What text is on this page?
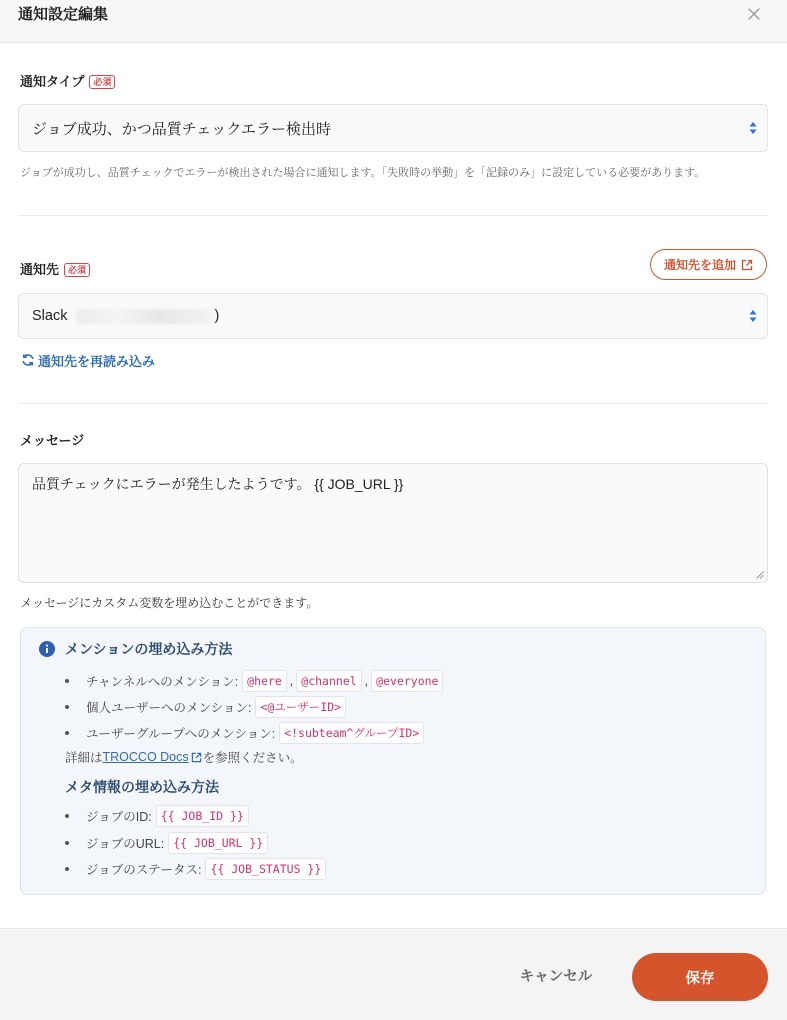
通知設定編集
通知タイプ	必須
ジョブ成功、かつ品質チェックエラー検出時
ジョブが成功し、品質チェックでエラーが検出された場合に通知します。「失敗時の挙動」を「記録のみ」に設定している必要があります。
通知先	必須	通知先を追加
Slack	)
通知先を再読み込み
メッセージ
品質チェックにエラーが発生したようです。 {{ JOB_URL }}
メッセージにカスタム変数を埋め込むことができます。
メンションの埋め込み方法
チャンネルへのメンション: @here , @channel , @everyone
個人ユーザーへのメンション: <@ユーザーID>
ユーザーグループへのメンション: <!subteam^グループID>
詳細は TROCCO Docs を参照ください。
メタ情報の埋め込み方法
ジョブのID: {{ JOB_ID }}
ジョブのURL: {{ JOB_URL }}
ジョブのステータス: {{ JOB_STATUS }}
キャンセル	保存
